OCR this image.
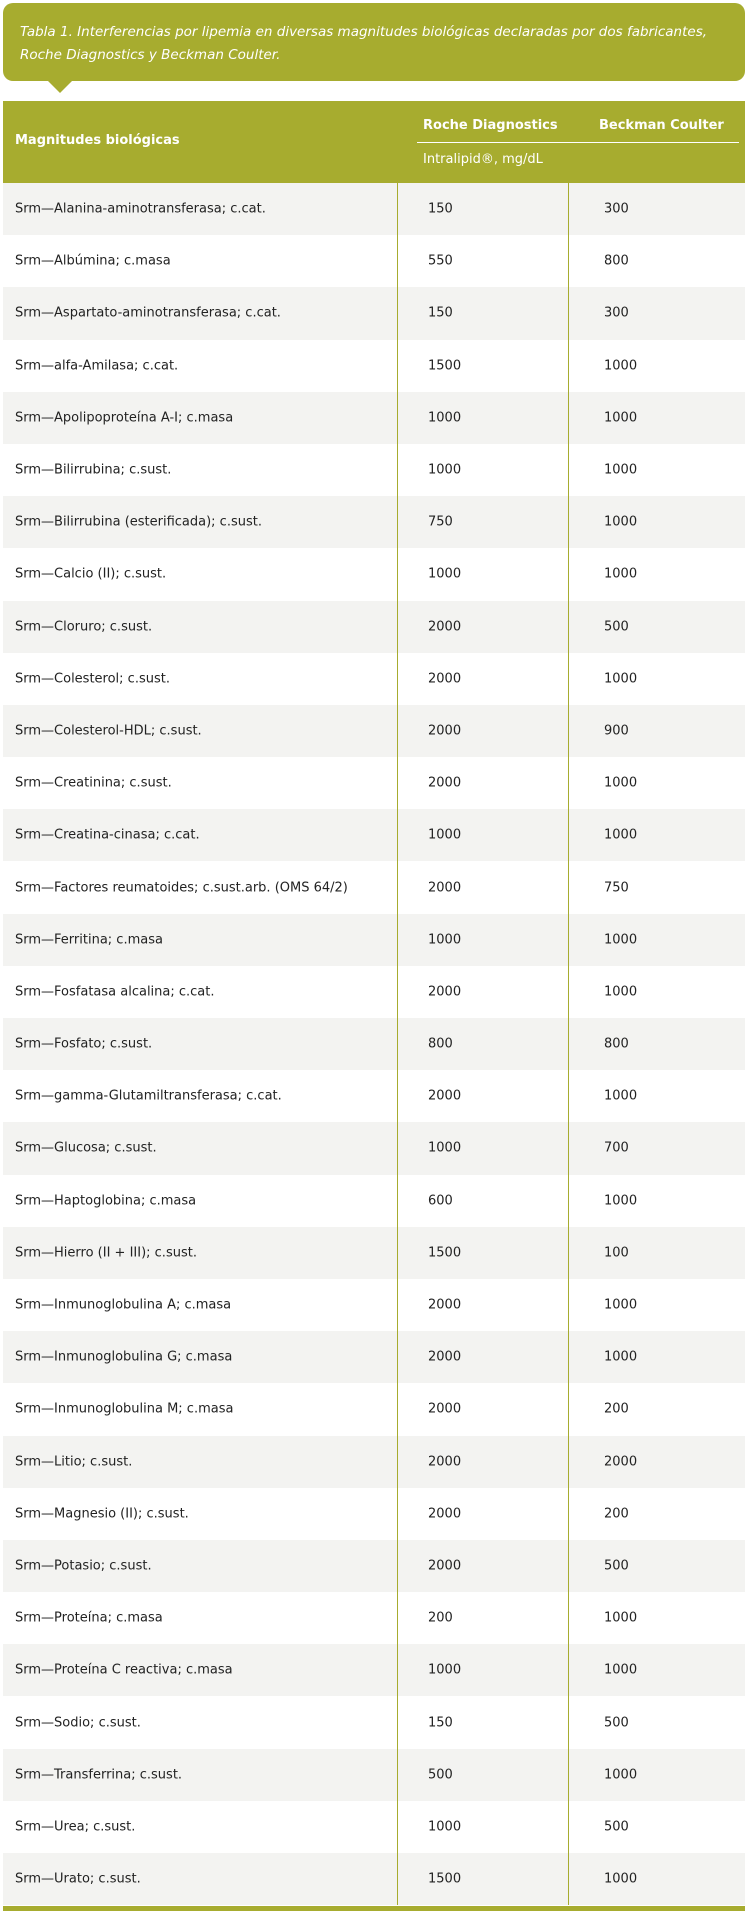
Tabla 1. Interferencias por lipemia en diversas magnitudes biológicas declaradas por dos fabricantes, Roche Diagnostics y Beckman Coulter.
Magnitudes biológicas
Roche Diagnostics	Beckman Coulter
Intralipid®, mg/dL
Srm—Alanina-aminotransferasa; c.cat.	150	300
Srm—Albúmina; c.masa	550	800
Srm—Aspartato-aminotransferasa; c.cat.	150	300
Srm—alfa-Amilasa; c.cat.	1500	1000
Srm—Apolipoproteína A-I; c.masa	1000	1000
Srm—Bilirrubina; c.sust.	1000	1000
Srm—Bilirrubina (esterificada); c.sust.	750	1000
Srm—Calcio (II); c.sust.	1000	1000
Srm—Cloruro; c.sust.	2000	500
Srm—Colesterol; c.sust.	2000	1000
Srm—Colesterol-HDL; c.sust.	2000	900
Srm—Creatinina; c.sust.	2000	1000
Srm—Creatina-cinasa; c.cat.	1000	1000
Srm—Factores reumatoides; c.sust.arb. (OMS 64/2)	2000	750
Srm—Ferritina; c.masa	1000	1000
Srm—Fosfatasa alcalina; c.cat.	2000	1000
Srm—Fosfato; c.sust.	800	800
Srm—gamma-Glutamiltransferasa; c.cat.	2000	1000
Srm—Glucosa; c.sust.	1000	700
Srm—Haptoglobina; c.masa	600	1000
Srm—Hierro (II + III); c.sust.	1500	100
Srm—Inmunoglobulina A; c.masa	2000	1000
Srm—Inmunoglobulina G; c.masa	2000	1000
Srm—Inmunoglobulina M; c.masa	2000	200
Srm—Litio; c.sust.	2000	2000
Srm—Magnesio (II); c.sust.	2000	200
Srm—Potasio; c.sust.	2000	500
Srm—Proteína; c.masa	200	1000
Srm—Proteína C reactiva; c.masa	1000	1000
Srm—Sodio; c.sust.	150	500
Srm—Transferrina; c.sust.	500	1000
Srm—Urea; c.sust.	1000	500
Srm—Urato; c.sust.	1500	1000
